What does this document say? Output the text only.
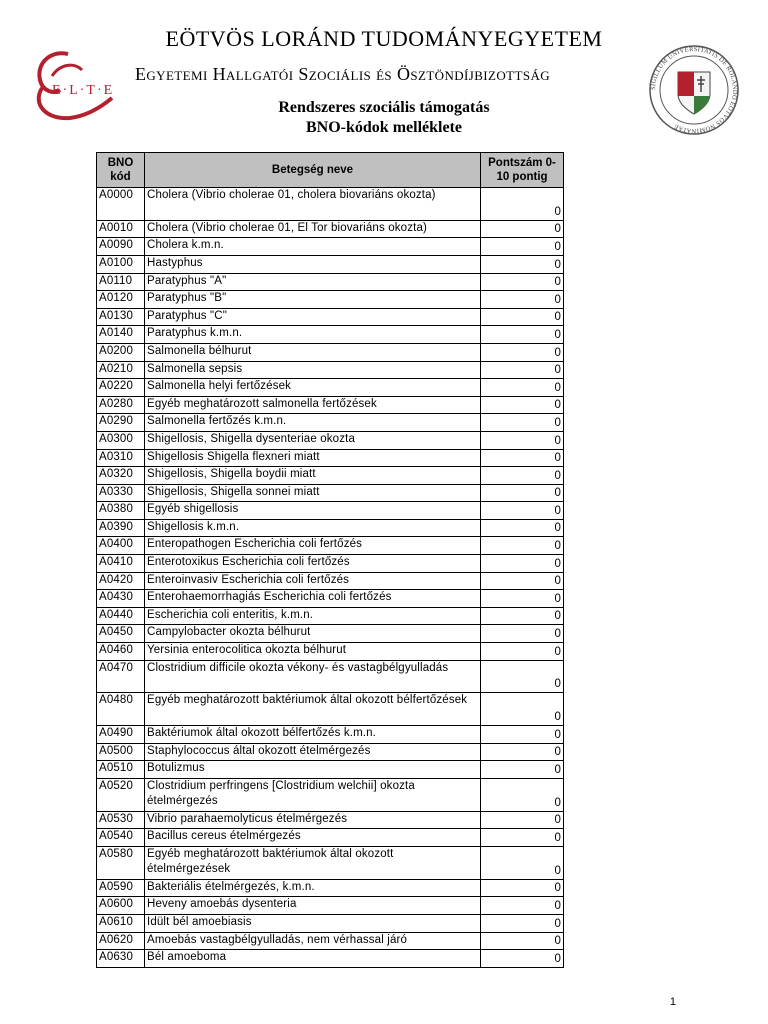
E·L·T·E	SIGILLUM UNIVERSITATIS DE ROLANDO EÖTVÖS NOMINATAE
EÖTVÖS LORÁND TUDOMÁNYEGYETEM
Egyetemi Hallgatói Szociális és Ösztöndíjbizottság
Rendszeres szociális támogatás
BNO-kódok melléklete
BNO kód	Betegség neve	Pontszám 0-10 pontig
A0000	Cholera (Vibrio cholerae 01, cholera biovariáns okozta)	0
A0010	Cholera (Vibrio cholerae 01, El Tor biovariáns okozta)	0
A0090	Cholera k.m.n.	0
A0100	Hastyphus	0
A0110	Paratyphus "A"	0
A0120	Paratyphus "B"	0
A0130	Paratyphus "C"	0
A0140	Paratyphus k.m.n.	0
A0200	Salmonella bélhurut	0
A0210	Salmonella sepsis	0
A0220	Salmonella helyi fertőzések	0
A0280	Egyéb meghatározott salmonella fertőzések	0
A0290	Salmonella fertőzés k.m.n.	0
A0300	Shigellosis, Shigella dysenteriae okozta	0
A0310	Shigellosis Shigella flexneri miatt	0
A0320	Shigellosis, Shigella boydii miatt	0
A0330	Shigellosis, Shigella sonnei miatt	0
A0380	Egyéb shigellosis	0
A0390	Shigellosis k.m.n.	0
A0400	Enteropathogen Escherichia coli fertőzés	0
A0410	Enterotoxikus Escherichia coli fertőzés	0
A0420	Enteroinvasiv Escherichia coli fertőzés	0
A0430	Enterohaemorrhagiás Escherichia coli fertőzés	0
A0440	Escherichia coli enteritis, k.m.n.	0
A0450	Campylobacter okozta bélhurut	0
A0460	Yersinia enterocolitica okozta bélhurut	0
A0470	Clostridium difficile okozta vékony- és vastagbélgyulladás	0
A0480	Egyéb meghatározott baktériumok által okozott bélfertőzések	0
A0490	Baktériumok által okozott bélfertőzés k.m.n.	0
A0500	Staphylococcus által okozott ételmérgezés	0
A0510	Botulizmus	0
A0520	Clostridium perfringens [Clostridium welchii] okozta ételmérgezés	0
A0530	Vibrio parahaemolyticus ételmérgezés	0
A0540	Bacillus cereus ételmérgezés	0
A0580	Egyéb meghatározott baktériumok által okozott ételmérgezések	0
A0590	Bakteriális ételmérgezés, k.m.n.	0
A0600	Heveny amoebás dysenteria	0
A0610	Idült bél amoebiasis	0
A0620	Amoebás vastagbélgyulladás, nem vérhassal járó	0
A0630	Bél amoeboma	0
1
